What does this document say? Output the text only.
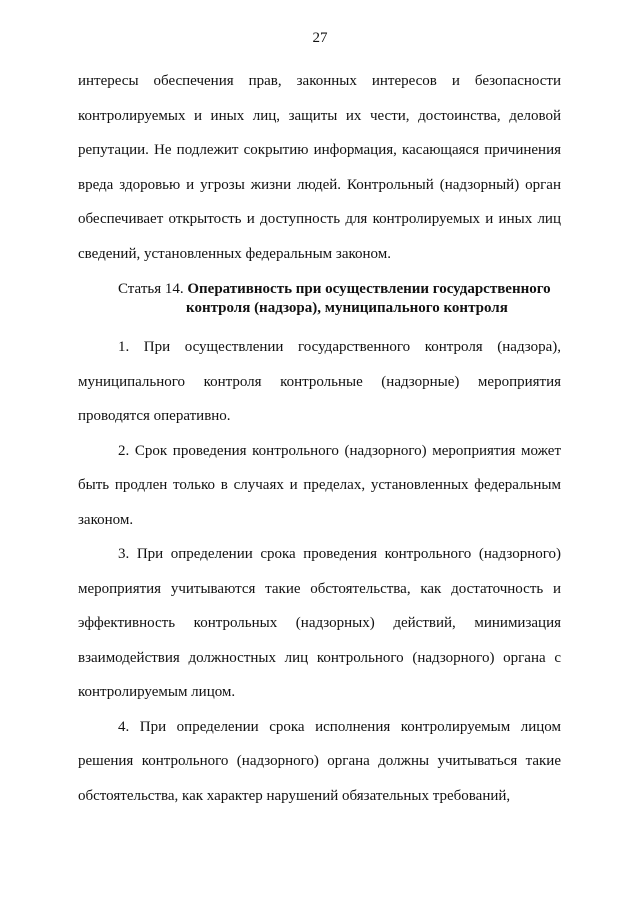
27

интересы обеспечения прав, законных интересов и безопасности контролируемых и иных лиц, защиты их чести, достоинства, деловой репутации. Не подлежит сокрытию информация, касающаяся причинения вреда здоровью и угрозы жизни людей. Контрольный (надзорный) орган обеспечивает открытость и доступность для контролируемых и иных лиц сведений, установленных федеральным законом.

Статья 14. Оперативность при осуществлении государственного
контроля (надзора), муниципального контроля

1. При осуществлении государственного контроля (надзора), муниципального контроля контрольные (надзорные) мероприятия проводятся оперативно.

2. Срок проведения контрольного (надзорного) мероприятия может быть продлен только в случаях и пределах, установленных федеральным законом.

3. При определении срока проведения контрольного (надзорного) мероприятия учитываются такие обстоятельства, как достаточность и эффективность контрольных (надзорных) действий, минимизация взаимодействия должностных лиц контрольного (надзорного) органа с контролируемым лицом.

4. При определении срока исполнения контролируемым лицом решения контрольного (надзорного) органа должны учитываться такие обстоятельства, как характер нарушений обязательных требований,
